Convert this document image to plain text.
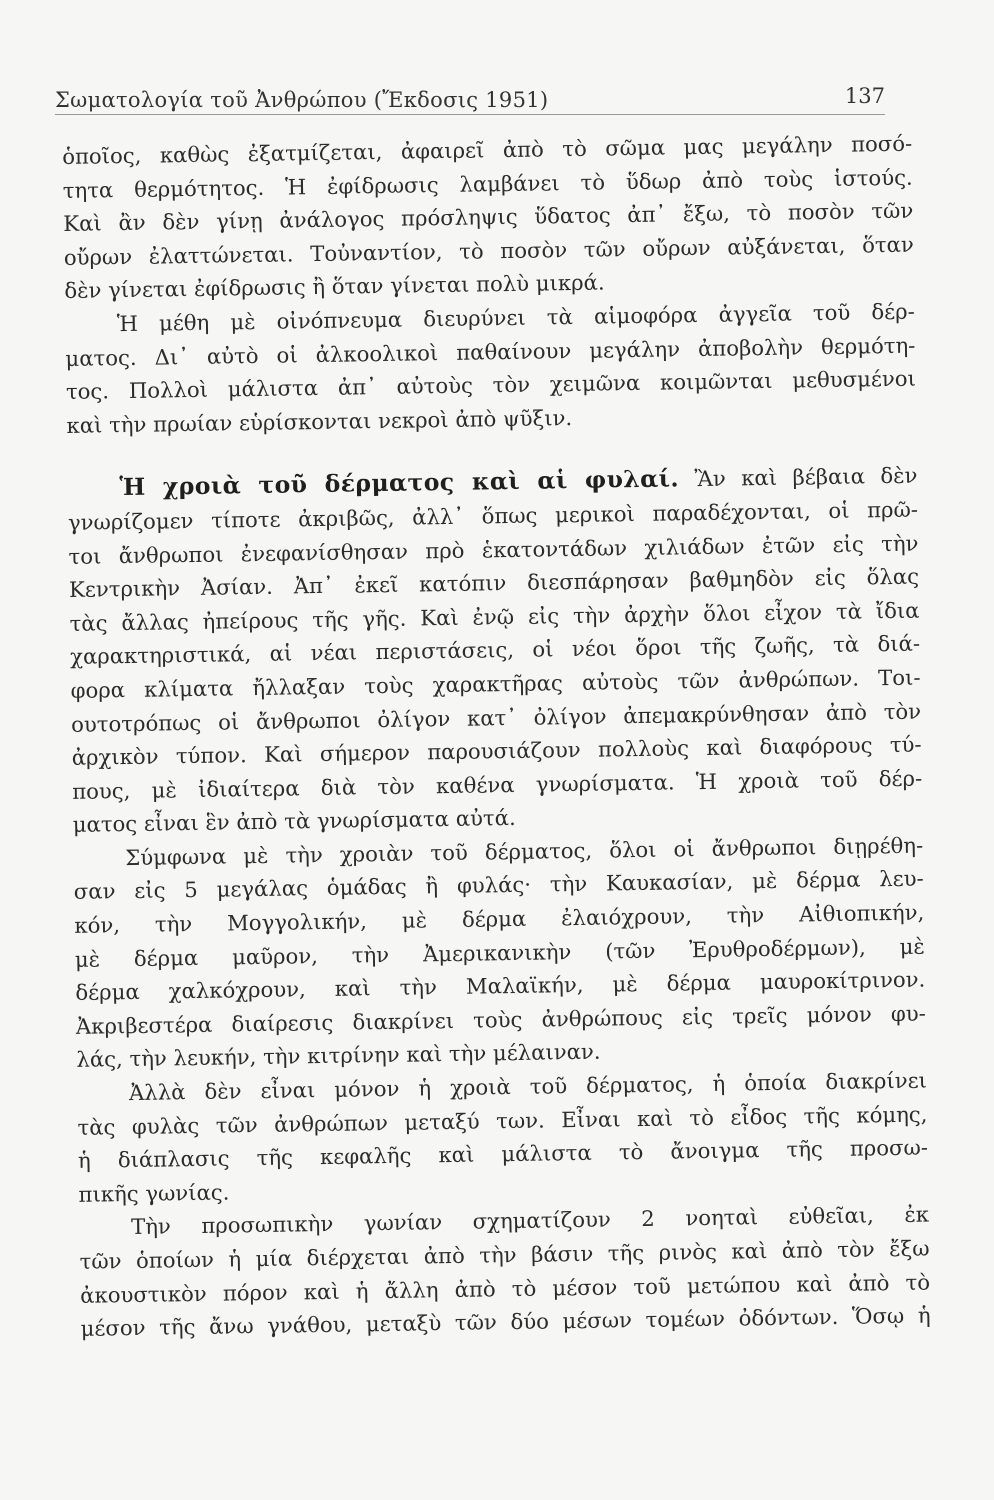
Σωματολογία τοῦ Ἀνθρώπου (Ἔκδοσις 1951)	137
ὁποῖος, καθὼς ἐξατμίζεται, ἀφαιρεῖ ἀπὸ τὸ σῶμα μας μεγάλην ποσό-
τητα θερμότητος. Ἡ ἐφίδρωσις λαμβάνει τὸ ὕδωρ ἀπὸ τοὺς ἱστούς.
Καὶ ἂν δὲν γίνῃ ἀνάλογος πρόσληψις ὕδατος ἀπ᾽ ἔξω, τὸ ποσὸν τῶν
οὔρων ἐλαττώνεται. Τοὐναντίον, τὸ ποσὸν τῶν οὔρων αὐξάνεται, ὅταν
δὲν γίνεται ἐφίδρωσις ἢ ὅταν γίνεται πολὺ μικρά.
Ἡ μέθη μὲ οἰνόπνευμα διευρύνει τὰ αἱμοφόρα ἀγγεῖα τοῦ δέρ-
ματος. Δι᾽ αὐτὸ οἱ ἀλκοολικοὶ παθαίνουν μεγάλην ἀποβολὴν θερμότη-
τος. Πολλοὶ μάλιστα ἀπ᾽ αὐτοὺς τὸν χειμῶνα κοιμῶνται μεθυσμένοι
καὶ τὴν πρωίαν εὑρίσκονται νεκροὶ ἀπὸ ψῦξιν.
Ἡ χροιὰ τοῦ δέρματος καὶ αἱ φυλαί. Ἂν καὶ βέβαια δὲν
γνωρίζομεν τίποτε ἀκριβῶς, ἀλλ᾽ ὅπως μερικοὶ παραδέχονται, οἱ πρῶ-
τοι ἄνθρωποι ἐνεφανίσθησαν πρὸ ἑκατοντάδων χιλιάδων ἐτῶν εἰς τὴν
Κεντρικὴν Ἀσίαν. Ἀπ᾽ ἐκεῖ κατόπιν διεσπάρησαν βαθμηδὸν εἰς ὅλας
τὰς ἄλλας ἠπείρους τῆς γῆς. Καὶ ἐνῷ εἰς τὴν ἀρχὴν ὅλοι εἶχον τὰ ἴδια
χαρακτηριστικά, αἱ νέαι περιστάσεις, οἱ νέοι ὅροι τῆς ζωῆς, τὰ διά-
φορα κλίματα ἤλλαξαν τοὺς χαρακτῆρας αὐτοὺς τῶν ἀνθρώπων. Τοι-
ουτοτρόπως οἱ ἄνθρωποι ὀλίγον κατ᾽ ὀλίγον ἀπεμακρύνθησαν ἀπὸ τὸν
ἀρχικὸν τύπον. Καὶ σήμερον παρουσιάζουν πολλοὺς καὶ διαφόρους τύ-
πους, μὲ ἰδιαίτερα διὰ τὸν καθένα γνωρίσματα. Ἡ χροιὰ τοῦ δέρ-
ματος εἶναι ἓν ἀπὸ τὰ γνωρίσματα αὐτά.
Σύμφωνα μὲ τὴν χροιὰν τοῦ δέρματος, ὅλοι οἱ ἄνθρωποι διῃρέθη-
σαν εἰς 5 μεγάλας ὁμάδας ἢ φυλάς· τὴν Καυκασίαν, μὲ δέρμα λευ-
κόν, τὴν Μογγολικήν, μὲ δέρμα ἐλαιόχρουν, τὴν Αἰθιοπικήν,
μὲ δέρμα μαῦρον, τὴν Ἀμερικανικὴν (τῶν Ἐρυθροδέρμων), μὲ
δέρμα χαλκόχρουν, καὶ τὴν Μαλαϊκήν, μὲ δέρμα μαυροκίτρινον.
Ἀκριβεστέρα διαίρεσις διακρίνει τοὺς ἀνθρώπους εἰς τρεῖς μόνον φυ-
λάς, τὴν λευκήν, τὴν κιτρίνην καὶ τὴν μέλαιναν.
Ἀλλὰ δὲν εἶναι μόνον ἡ χροιὰ τοῦ δέρματος, ἡ ὁποία διακρίνει
τὰς φυλὰς τῶν ἀνθρώπων μεταξύ των. Εἶναι καὶ τὸ εἶδος τῆς κόμης,
ἡ διάπλασις τῆς κεφαλῆς καὶ μάλιστα τὸ ἄνοιγμα τῆς προσω-
πικῆς γωνίας.
Τὴν προσωπικὴν γωνίαν σχηματίζουν 2 νοηταὶ εὐθεῖαι, ἐκ
τῶν ὁποίων ἡ μία διέρχεται ἀπὸ τὴν βάσιν τῆς ρινὸς καὶ ἀπὸ τὸν ἔξω
ἀκουστικὸν πόρον καὶ ἡ ἄλλη ἀπὸ τὸ μέσον τοῦ μετώπου καὶ ἀπὸ τὸ
μέσον τῆς ἄνω γνάθου, μεταξὺ τῶν δύο μέσων τομέων ὀδόντων. Ὅσῳ ἡ
